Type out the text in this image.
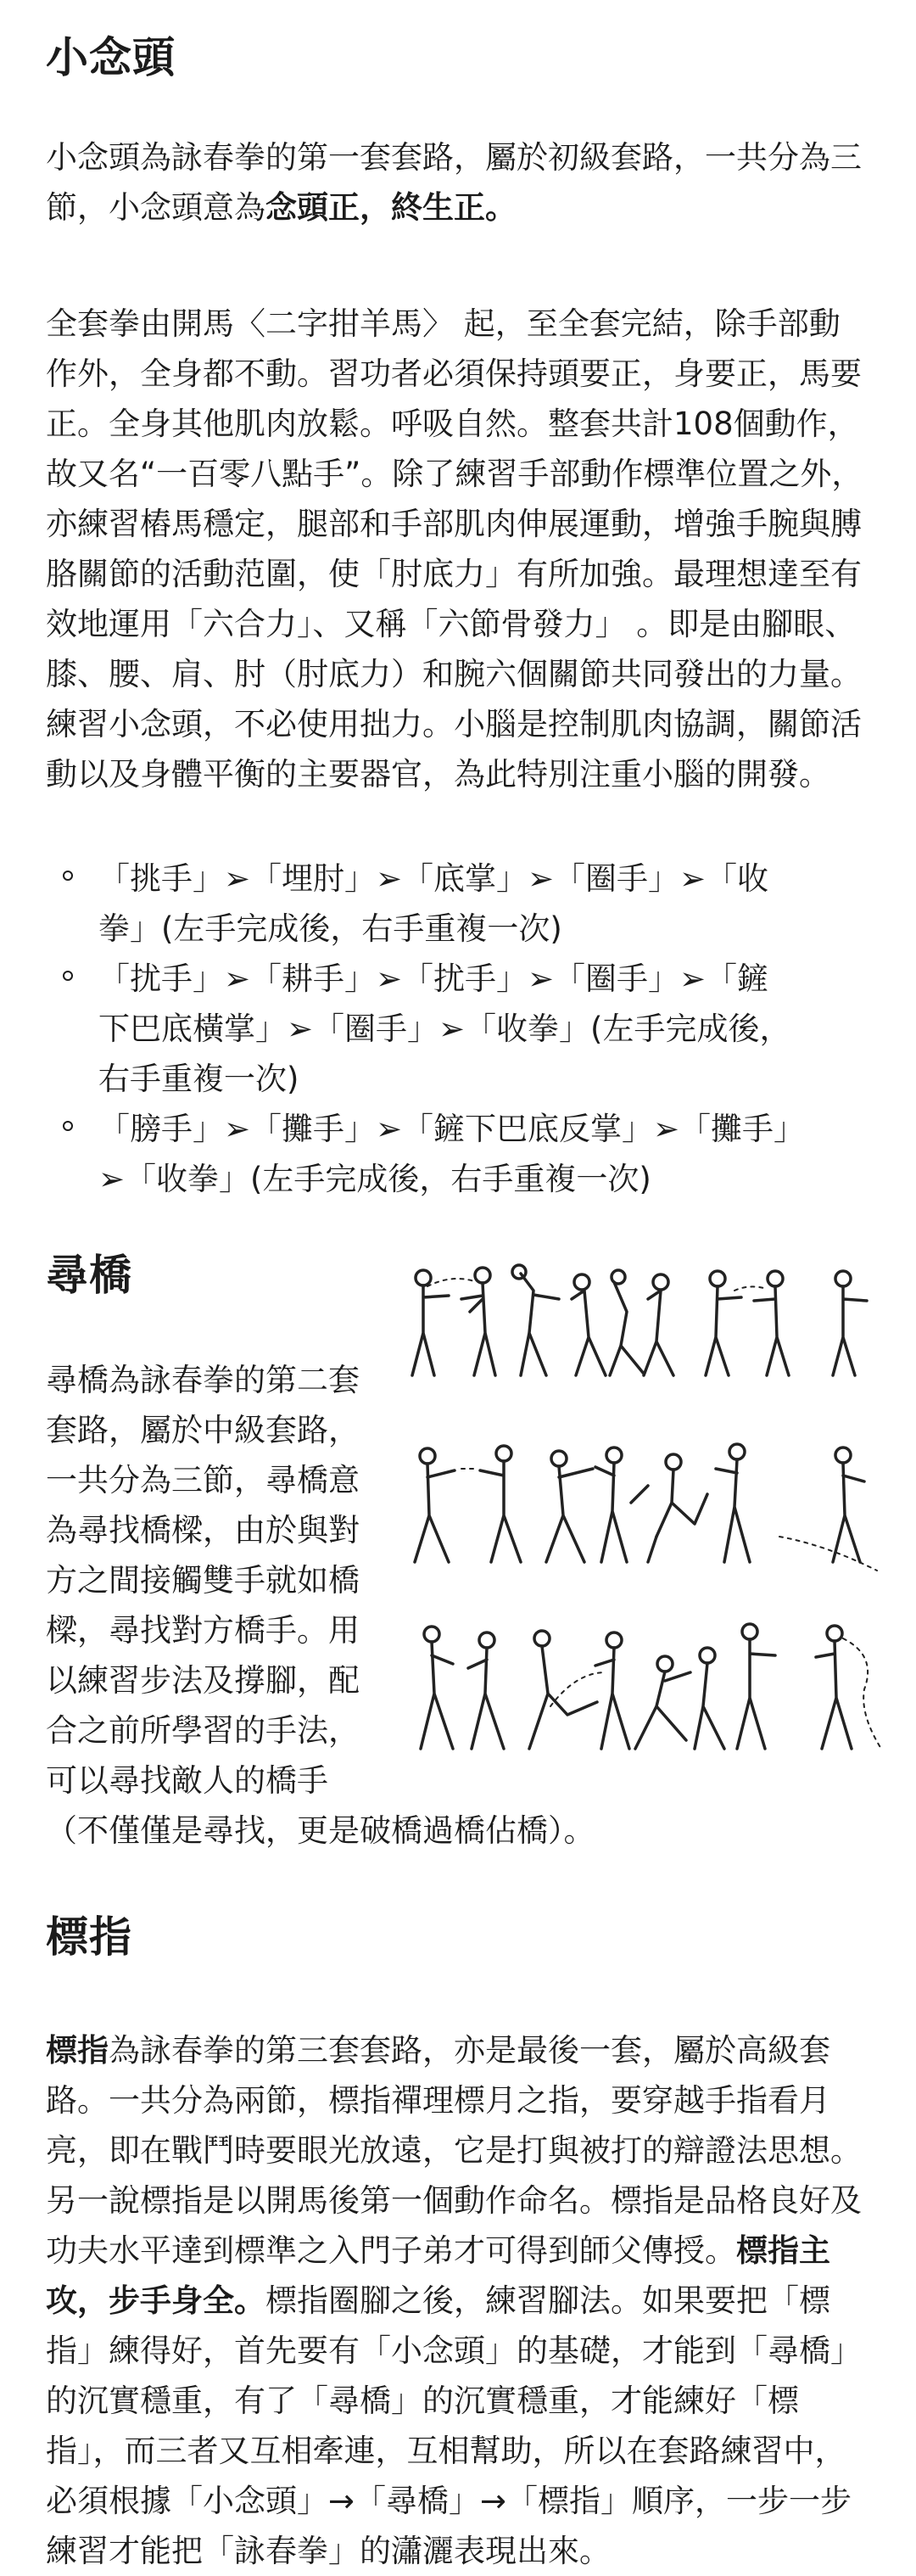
小念頭

小念頭為詠春拳的第一套套路，屬於初級套路，一共分為三節，小念頭意為念頭正，終生正。

全套拳由開馬〈二字拑羊馬〉 起，至全套完結，除手部動作外，全身都不動。習功者必須保持頭要正，身要正，馬要正。全身其他肌肉放鬆。呼吸自然。整套共計108個動作，故又名“一百零八點手”。除了練習手部動作標準位置之外，亦練習樁馬穩定，腿部和手部肌肉伸展運動，增強手腕與膊胳關節的活動范圍，使「肘底力」有所加強。最理想達至有效地運用「六合力」、又稱「六節骨發力」 。即是由腳眼、膝、腰、肩、肘（肘底力）和腕六個關節共同發出的力量。練習小念頭，不必使用拙力。小腦是控制肌肉協調，關節活動以及身體平衡的主要器官，為此特別注重小腦的開發。

「挑手」➢「埋肘」➢「底掌」➢「圈手」➢「收拳」(左手完成後，右手重複一次)
「扰手」➢「耕手」➢「扰手」➢「圈手」➢「鏟下巴底橫掌」➢「圈手」➢「收拳」(左手完成後，右手重複一次)
「膀手」➢「攤手」➢「鏟下巴底反掌」➢「攤手」➢「收拳」(左手完成後，右手重複一次)
尋橋

尋橋為詠春拳的第二套套路，屬於中級套路，一共分為三節，尋橋意為尋找橋樑，由於與對方之間接觸雙手就如橋樑，尋找對方橋手。用以練習步法及撐腳，配合之前所學習的手法，可以尋找敵人的橋手（不僅僅是尋找，更是破橋過橋佔橋）。

標指

標指為詠春拳的第三套套路，亦是最後一套，屬於高級套路。一共分為兩節，標指禪理標月之指，要穿越手指看月亮，即在戰鬥時要眼光放遠，它是打與被打的辯證法思想。另一說標指是以開馬後第一個動作命名。標指是品格良好及功夫水平達到標準之入門子弟才可得到師父傳授。標指主攻，步手身全。標指圈腳之後，練習腳法。如果要把「標指」練得好，首先要有「小念頭」的基礎，才能到「尋橋」的沉實穩重，有了「尋橋」的沉實穩重，才能練好「標指」，而三者又互相牽連，互相幫助，所以在套路練習中，必須根據「小念頭」→「尋橋」→「標指」順序，一步一步練習才能把「詠春拳」的瀟灑表現出來。
